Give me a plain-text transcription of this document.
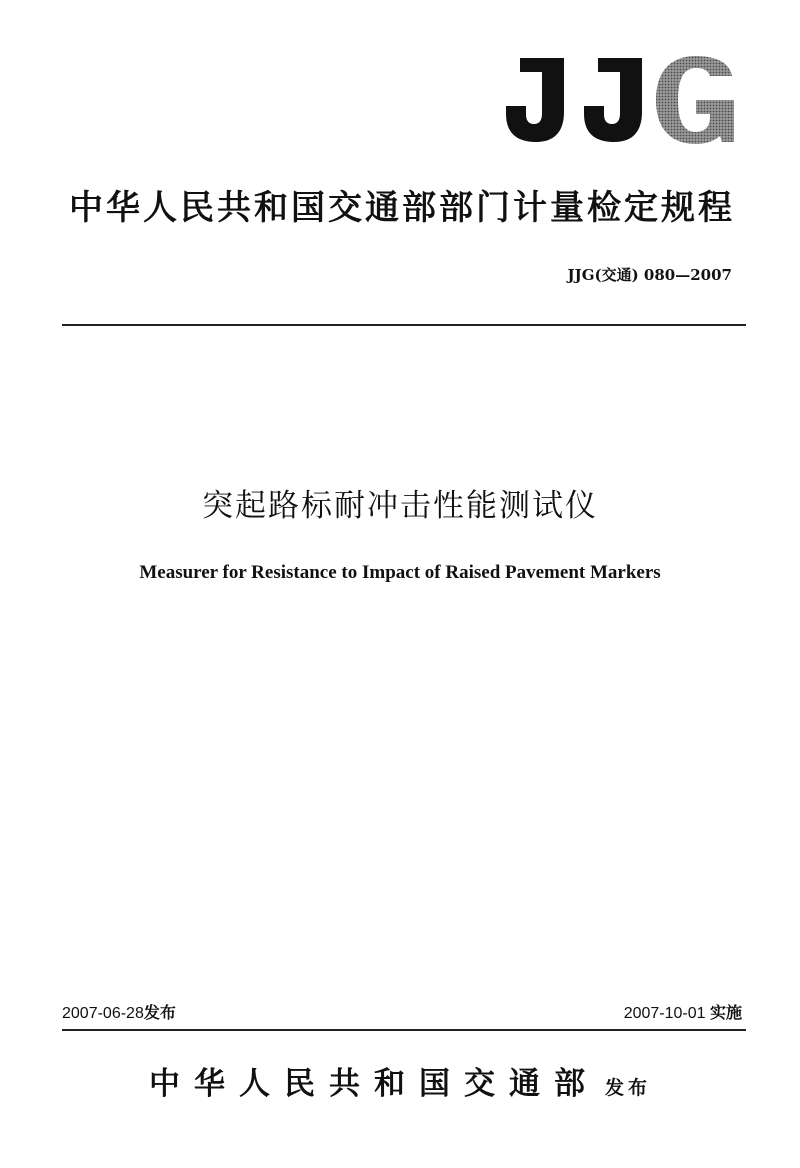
中华人民共和国交通部部门计量检定规程
JJG(交通) 080—2007
突起路标耐冲击性能测试仪
Measurer for Resistance to Impact of Raised Pavement Markers
2007-06-28发布	2007-10-01 实施
中华人民共和国交通部 发布
